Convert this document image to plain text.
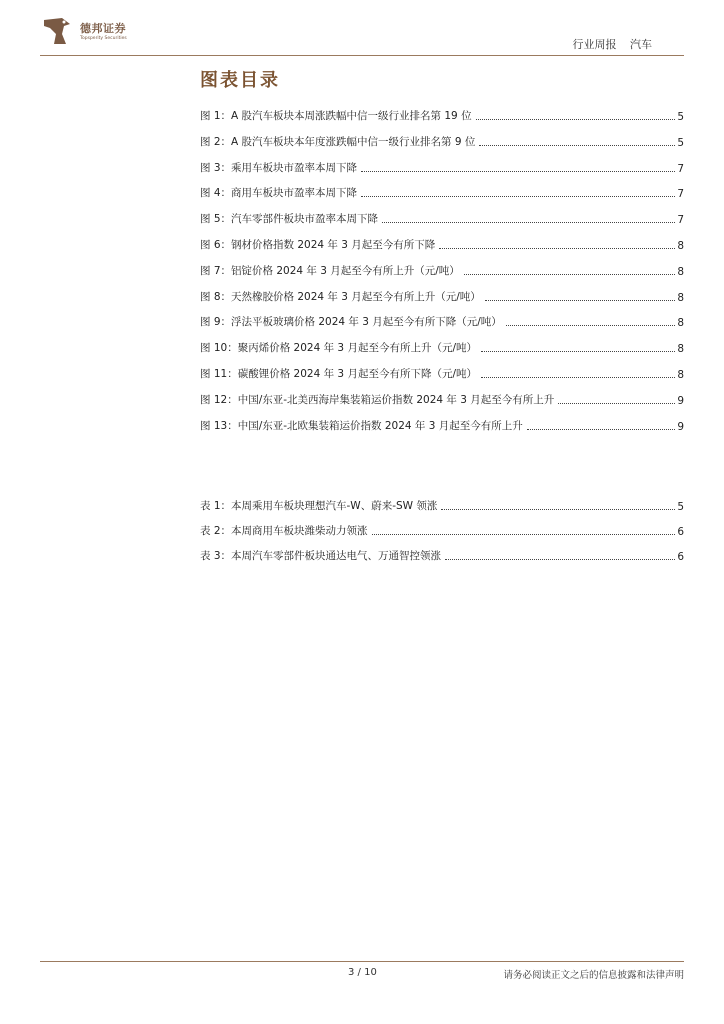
德邦证券
Topsperity Securities	行业周报 汽车
图表目录
图 1：A 股汽车板块本周涨跌幅中信一级行业排名第 19 位	5
图 2：A 股汽车板块本年度涨跌幅中信一级行业排名第 9 位	5
图 3：乘用车板块市盈率本周下降	7
图 4：商用车板块市盈率本周下降	7
图 5：汽车零部件板块市盈率本周下降	7
图 6：钢材价格指数 2024 年 3 月起至今有所下降	8
图 7：铝锭价格 2024 年 3 月起至今有所上升（元/吨）	8
图 8：天然橡胶价格 2024 年 3 月起至今有所上升（元/吨）	8
图 9：浮法平板玻璃价格 2024 年 3 月起至今有所下降（元/吨）	8
图 10：聚丙烯价格 2024 年 3 月起至今有所上升（元/吨）	8
图 11：碳酸锂价格 2024 年 3 月起至今有所下降（元/吨）	8
图 12：中国/东亚-北美西海岸集装箱运价指数 2024 年 3 月起至今有所上升	9
图 13：中国/东亚-北欧集装箱运价指数 2024 年 3 月起至今有所上升	9
表 1：本周乘用车板块理想汽车-W、蔚来-SW 领涨	5
表 2：本周商用车板块潍柴动力领涨	6
表 3：本周汽车零部件板块通达电气、万通智控领涨	6
3 / 10	请务必阅读正文之后的信息披露和法律声明
